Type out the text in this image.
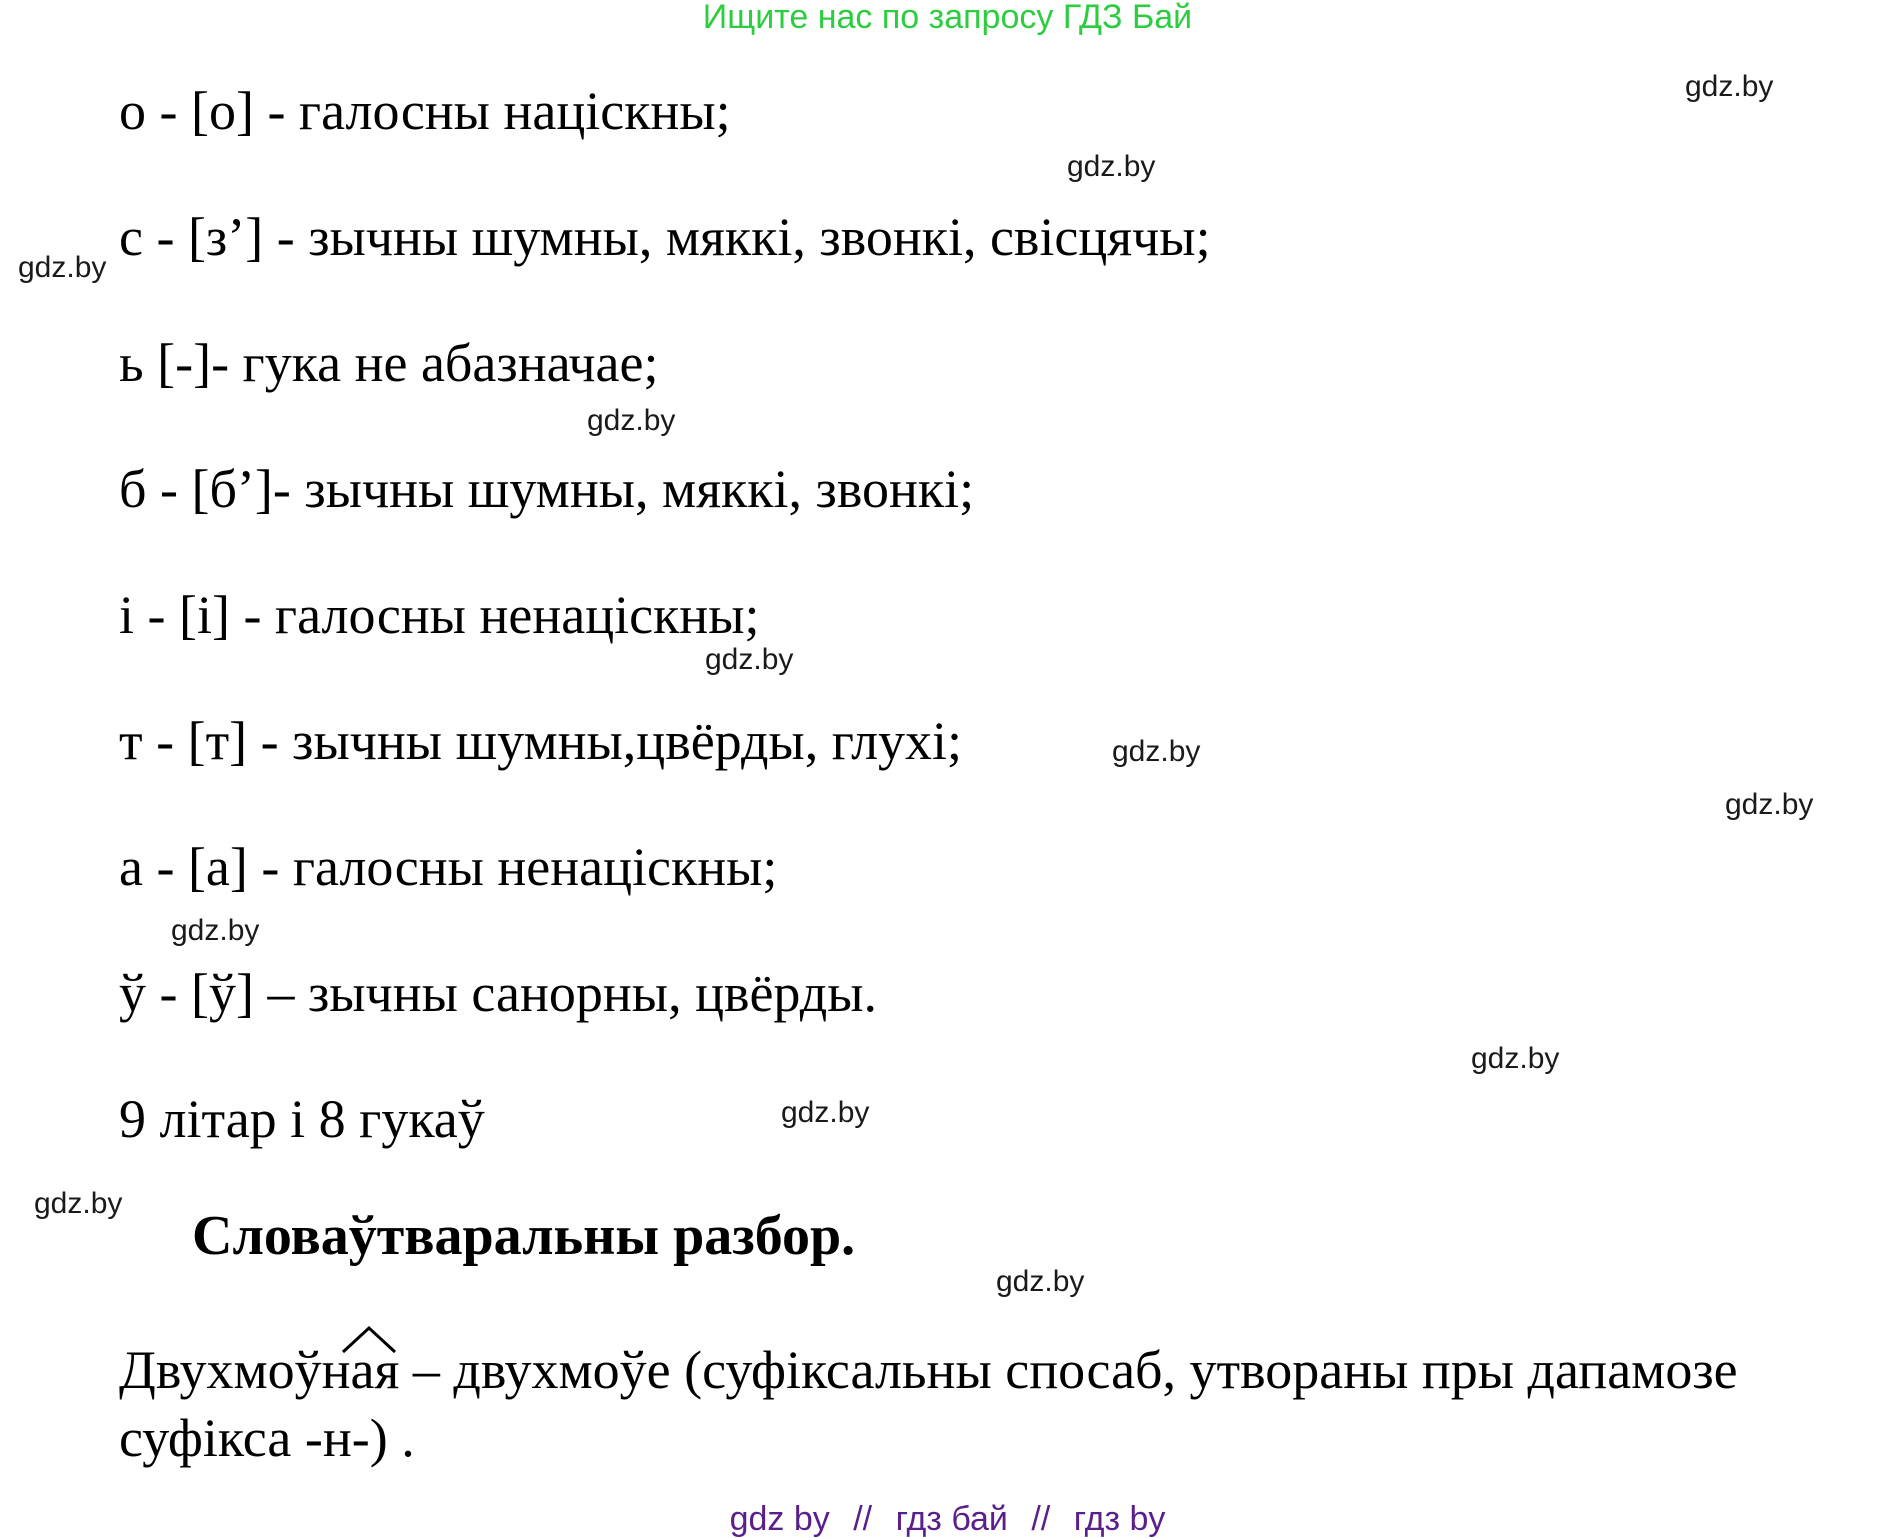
Ищите нас по запросу ГДЗ Бай
о - [о] - галосны націскны;
с - [з’] - зычны шумны, мяккі, звонкі, свісцячы;
ь [-]- гука не абазначае;
б - [б’]- зычны шумны, мяккі, звонкі;
і - [і] - галосны ненаціскны;
т - [т] - зычны шумны,цвёрды, глухі;
а - [а] - галосны ненаціскны;
ў - [ў] – зычны санорны, цвёрды.
9 літар і 8 гукаў
Словаўтваральны разбор.
Двухмоўная – двухмоўе (суфіксальны спосаб, утвораны пры дапамозе суфікса -н-) .
gdz.by
gdz.by
gdz.by
gdz.by
gdz.by
gdz.by
gdz.by
gdz.by
gdz.by
gdz.by
gdz.by
gdz.by
gdz by // гдз бай // гдз by
